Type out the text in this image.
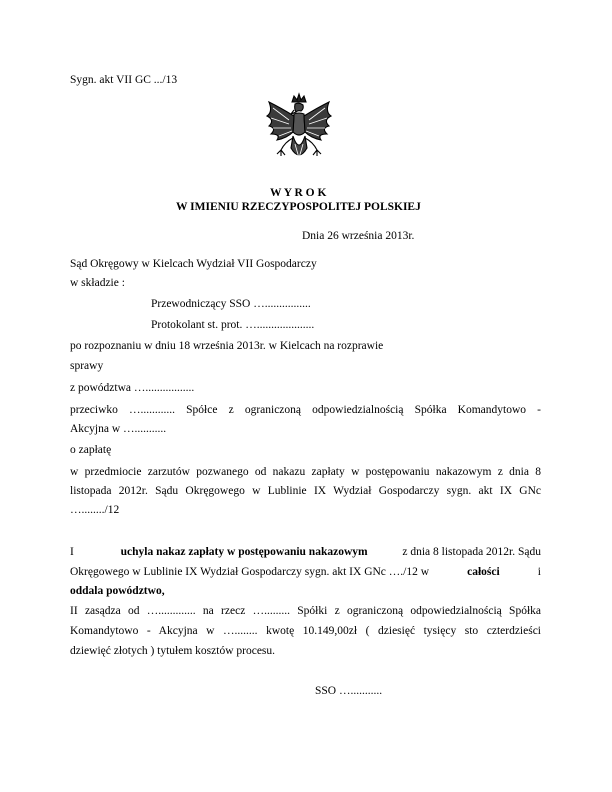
Sygn. akt VII GC .../13
W Y R O K
W IMIENIU RZECZYPOSPOLITEJ POLSKIEJ
Dnia 26 września 2013r.
Sąd Okręgowy w Kielcach Wydział VII Gospodarczy
w składzie :
Przewodniczący SSO …................
Protokolant st. prot. …....................
po rozpoznaniu w dniu 18 września 2013r. w Kielcach na rozprawie
sprawy
z powództwa ….................
przeciwko …............ Spółce z ograniczoną odpowiedzialnością Spółka Komandytowo -
Akcyjna w …...........
o zapłatę
w przedmiocie zarzutów pozwanego od nakazu zapłaty w postępowaniu nakazowym z dnia 8
listopada 2012r. Sądu Okręgowego w Lublinie IX Wydział Gospodarczy sygn. akt IX GNc
…......../12
I	uchyla nakaz zapłaty w postępowaniu nakazowym	z dnia 8 listopada 2012r. Sądu
Okręgowego w Lublinie IX Wydział Gospodarczy sygn. akt IX GNc …./12 w	całości	i
oddala powództwo,
II zasądza od …............. na rzecz …......... Spółki z ograniczoną odpowiedzialnością Spółka
Komandytowo - Akcyjna w …........ kwotę 10.149,00zł ( dziesięć tysięcy sto czterdzieści
dziewięć złotych ) tytułem kosztów procesu.
SSO …...........
